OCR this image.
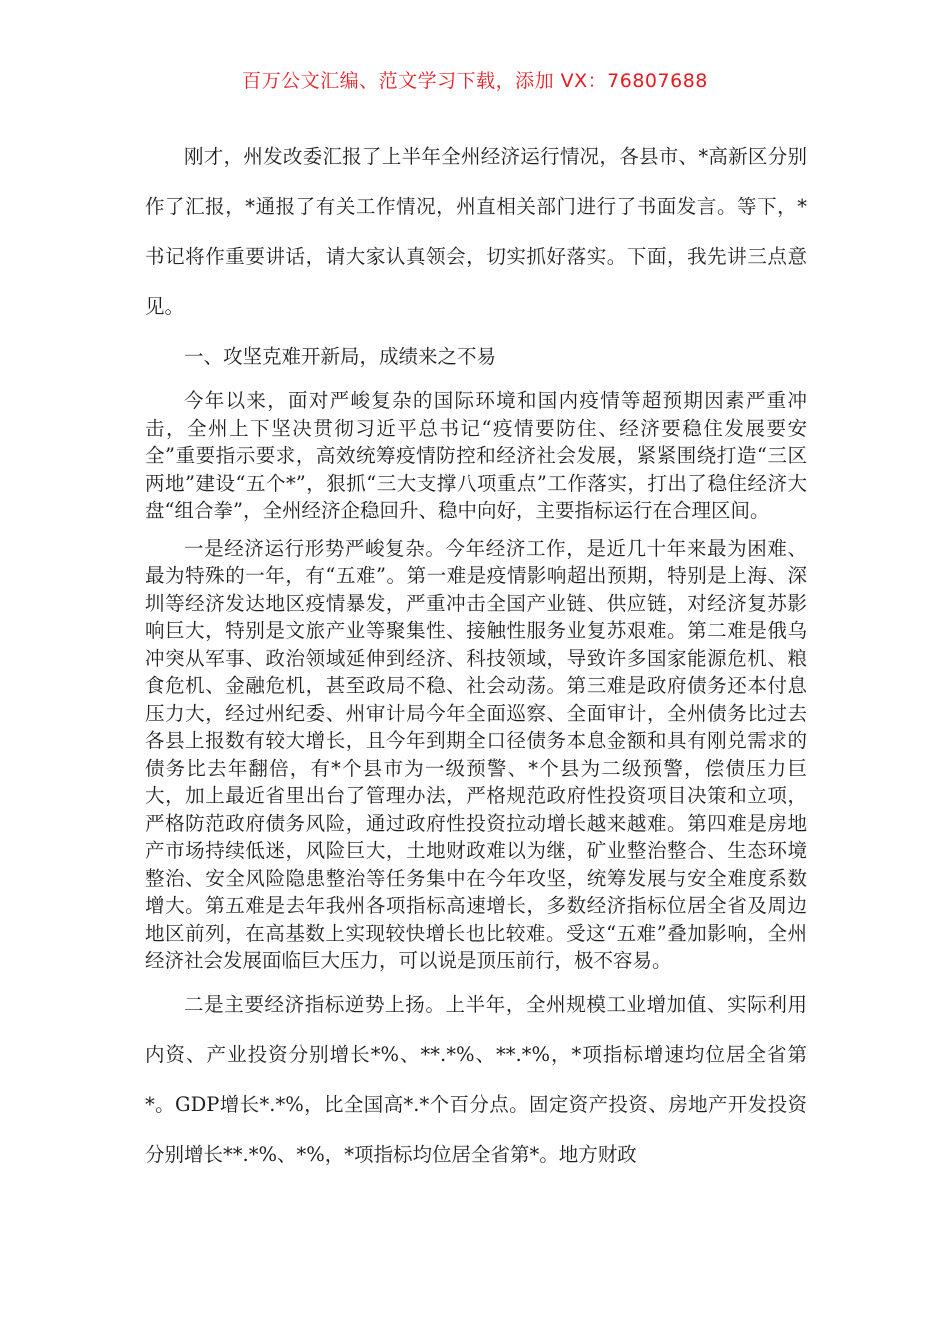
百万公文汇编、范文学习下载，添加 VX：76807688

刚才，州发改委汇报了上半年全州经济运行情况，各县市、*高新区分别作了汇报，*通报了有关工作情况，州直相关部门进行了书面发言。等下，*书记将作重要讲话，请大家认真领会，切实抓好落实。下面，我先讲三点意见。

一、攻坚克难开新局，成绩来之不易

今年以来，面对严峻复杂的国际环境和国内疫情等超预期因素严重冲击，全州上下坚决贯彻习近平总书记“疫情要防住、经济要稳住发展要安全”重要指示要求，高效统筹疫情防控和经济社会发展，紧紧围绕打造“三区两地”建设“五个*”，狠抓“三大支撑八项重点”工作落实，打出了稳住经济大盘“组合拳”，全州经济企稳回升、稳中向好，主要指标运行在合理区间。

一是经济运行形势严峻复杂。今年经济工作，是近几十年来最为困难、最为特殊的一年，有“五难”。第一难是疫情影响超出预期，特别是上海、深圳等经济发达地区疫情暴发，严重冲击全国产业链、供应链，对经济复苏影响巨大，特别是文旅产业等聚集性、接触性服务业复苏艰难。第二难是俄乌冲突从军事、政治领域延伸到经济、科技领域，导致许多国家能源危机、粮食危机、金融危机，甚至政局不稳、社会动荡。第三难是政府债务还本付息压力大，经过州纪委、州审计局今年全面巡察、全面审计，全州债务比过去各县上报数有较大增长，且今年到期全口径债务本息金额和具有刚兑需求的债务比去年翻倍，有*个县市为一级预警、*个县为二级预警，偿债压力巨大，加上最近省里出台了管理办法，严格规范政府性投资项目决策和立项，严格防范政府债务风险，通过政府性投资拉动增长越来越难。第四难是房地产市场持续低迷，风险巨大，土地财政难以为继，矿业整治整合、生态环境整治、安全风险隐患整治等任务集中在今年攻坚，统筹发展与安全难度系数增大。第五难是去年我州各项指标高速增长，多数经济指标位居全省及周边地区前列，在高基数上实现较快增长也比较难。受这“五难”叠加影响，全州经济社会发展面临巨大压力，可以说是顶压前行，极不容易。

二是主要经济指标逆势上扬。上半年，全州规模工业增加值、实际利用内资、产业投资分别增长*%、**.*%、**.*%，*项指标增速均位居全省第*。GDP增长*.*%，比全国高*.*个百分点。固定资产投资、房地产开发投资分别增长**.*%、*%，*项指标均位居全省第*。地方财政
